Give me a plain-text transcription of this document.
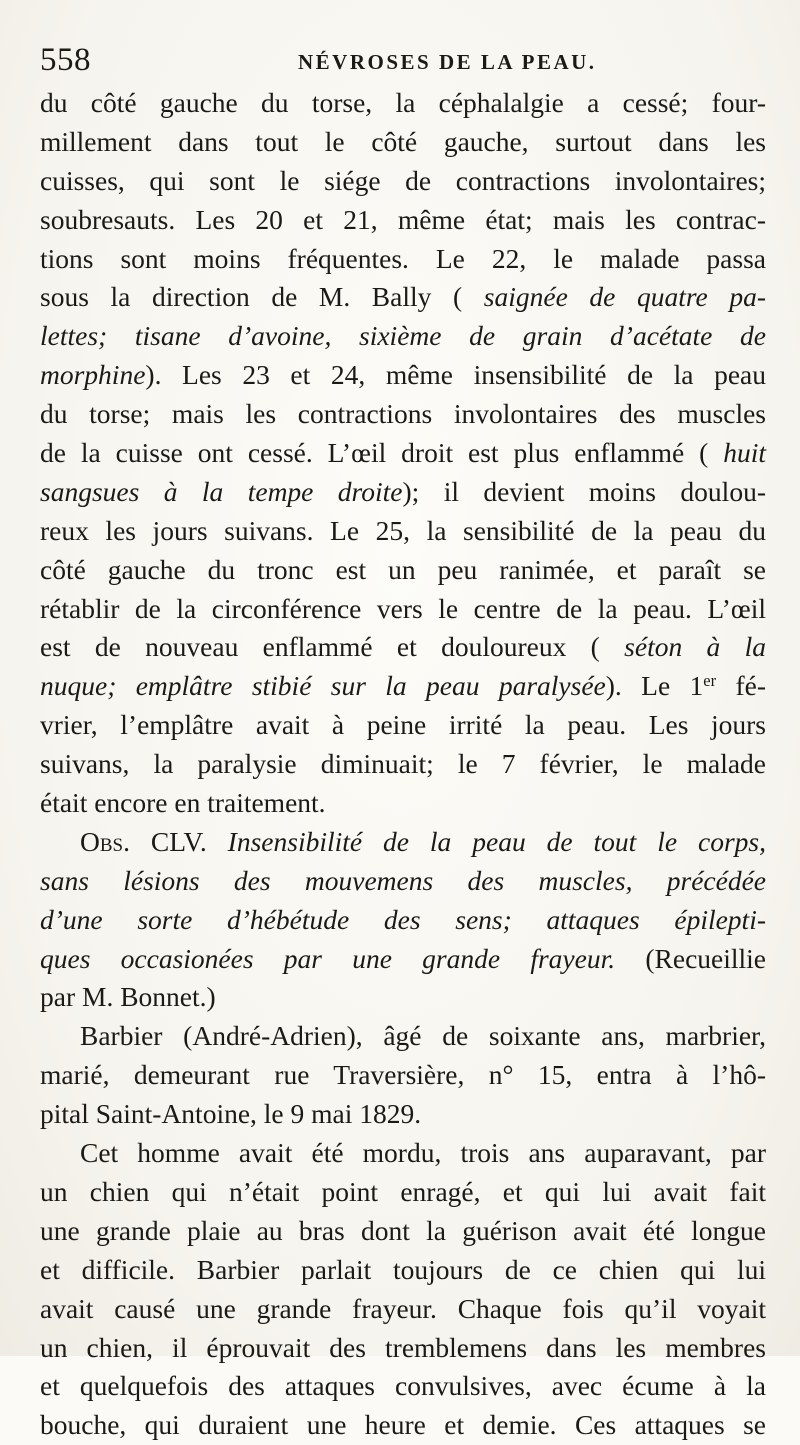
558	NÉVROSES DE LA PEAU.
du côté gauche du torse, la céphalalgie a cessé; four-
millement dans tout le côté gauche, surtout dans les
cuisses, qui sont le siége de contractions involontaires;
soubresauts. Les 20 et 21, même état; mais les contrac-
tions sont moins fréquentes. Le 22, le malade passa
sous la direction de M. Bally ( saignée de quatre pa-
lettes; tisane d’avoine, sixième de grain d’acétate de
morphine). Les 23 et 24, même insensibilité de la peau
du torse; mais les contractions involontaires des muscles
de la cuisse ont cessé. L’œil droit est plus enflammé ( huit
sangsues à la tempe droite); il devient moins doulou-
reux les jours suivans. Le 25, la sensibilité de la peau du
côté gauche du tronc est un peu ranimée, et paraît se
rétablir de la circonférence vers le centre de la peau. L’œil
est de nouveau enflammé et douloureux ( séton à la
nuque; emplâtre stibié sur la peau paralysée). Le 1er fé-
vrier, l’emplâtre avait à peine irrité la peau. Les jours
suivans, la paralysie diminuait; le 7 février, le malade
était encore en traitement.
Obs. CLV. Insensibilité de la peau de tout le corps,
sans lésions des mouvemens des muscles, précédée
d’une sorte d’hébétude des sens; attaques épilepti-
ques occasionées par une grande frayeur. (Recueillie
par M. Bonnet.)
Barbier (André-Adrien), âgé de soixante ans, marbrier,
marié, demeurant rue Traversière, n° 15, entra à l’hô-
pital Saint-Antoine, le 9 mai 1829.
Cet homme avait été mordu, trois ans auparavant, par
un chien qui n’était point enragé, et qui lui avait fait
une grande plaie au bras dont la guérison avait été longue
et difficile. Barbier parlait toujours de ce chien qui lui
avait causé une grande frayeur. Chaque fois qu’il voyait
un chien, il éprouvait des tremblemens dans les membres
et quelquefois des attaques convulsives, avec écume à la
bouche, qui duraient une heure et demie. Ces attaques se
